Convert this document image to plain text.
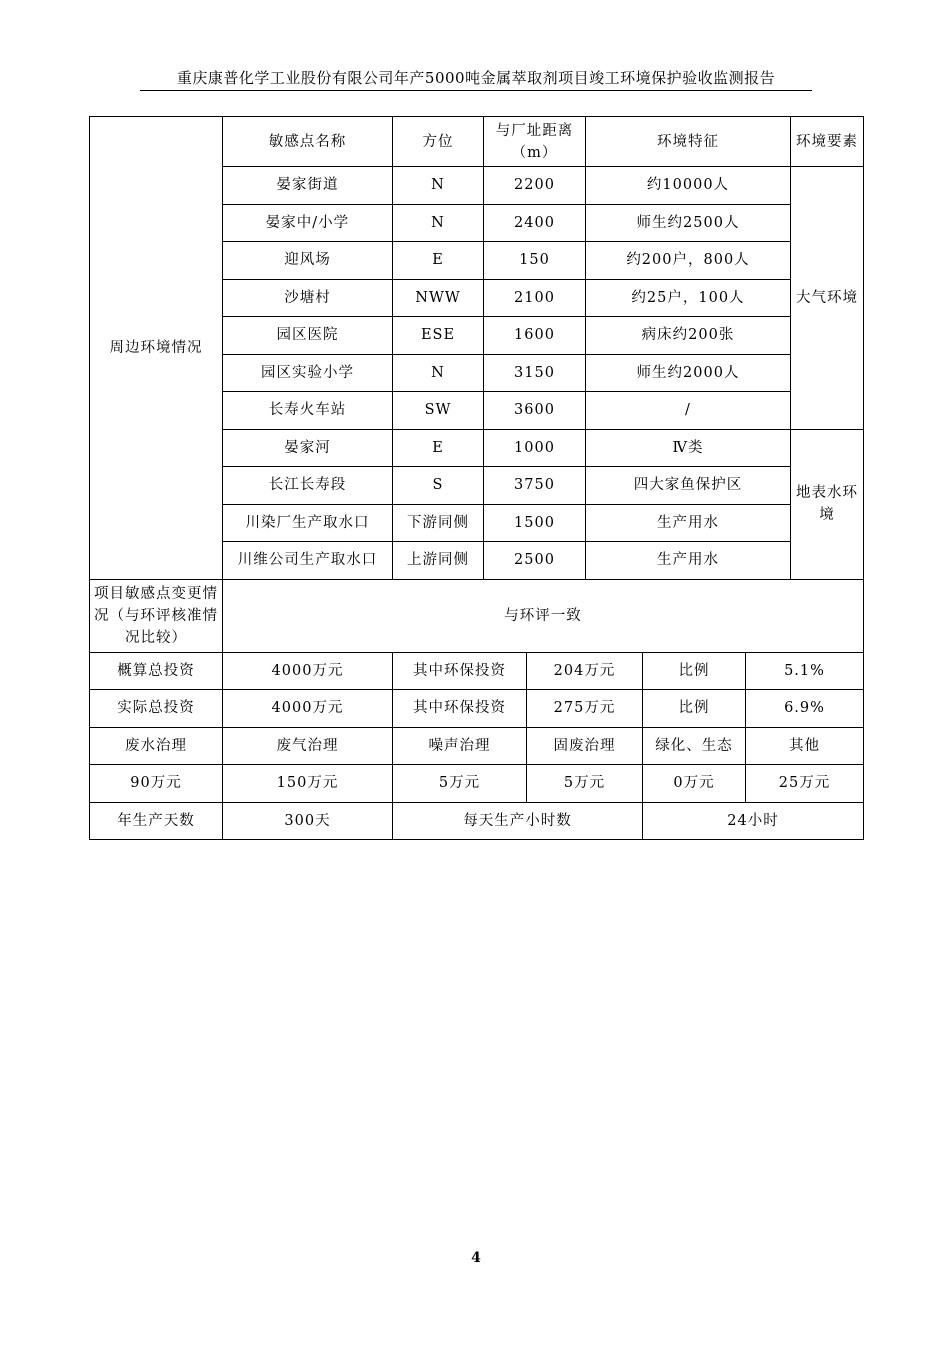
重庆康普化学工业股份有限公司年产5000吨金属萃取剂项目竣工环境保护验收监测报告
周边环境情况	敏感点名称	方位	与厂址距离（m）		环境特征			环境要素
	晏家街道	N	2200		约10000人			大气环境
	晏家中/小学	N	2400		师生约2500人			
	迎风场	E	150		约200户，800人			
	沙塘村	NWW	2100		约25户，100人			
	园区医院	ESE	1600		病床约200张			
	园区实验小学	N	3150		师生约2000人			
	长寿火车站	SW	3600		/			
	晏家河	E	1000		Ⅳ类			地表水环境
	长江长寿段	S	3750		四大家鱼保护区			
	川染厂生产取水口	下游同侧	1500		生产用水			
	川维公司生产取水口	上游同侧	2500		生产用水			
项目敏感点变更情况（与环评核准情况比较）	与环评一致							
概算总投资	4000万元	其中环保投资		204万元		比例	5.1%	
实际总投资	4000万元	其中环保投资		275万元		比例	6.9%	
废水治理	废气治理	噪声治理		固废治理		绿化、生态	其他	
90万元	150万元	5万元		5万元		0万元	25万元	
年生产天数	300天	每天生产小时数				24小时		
4
